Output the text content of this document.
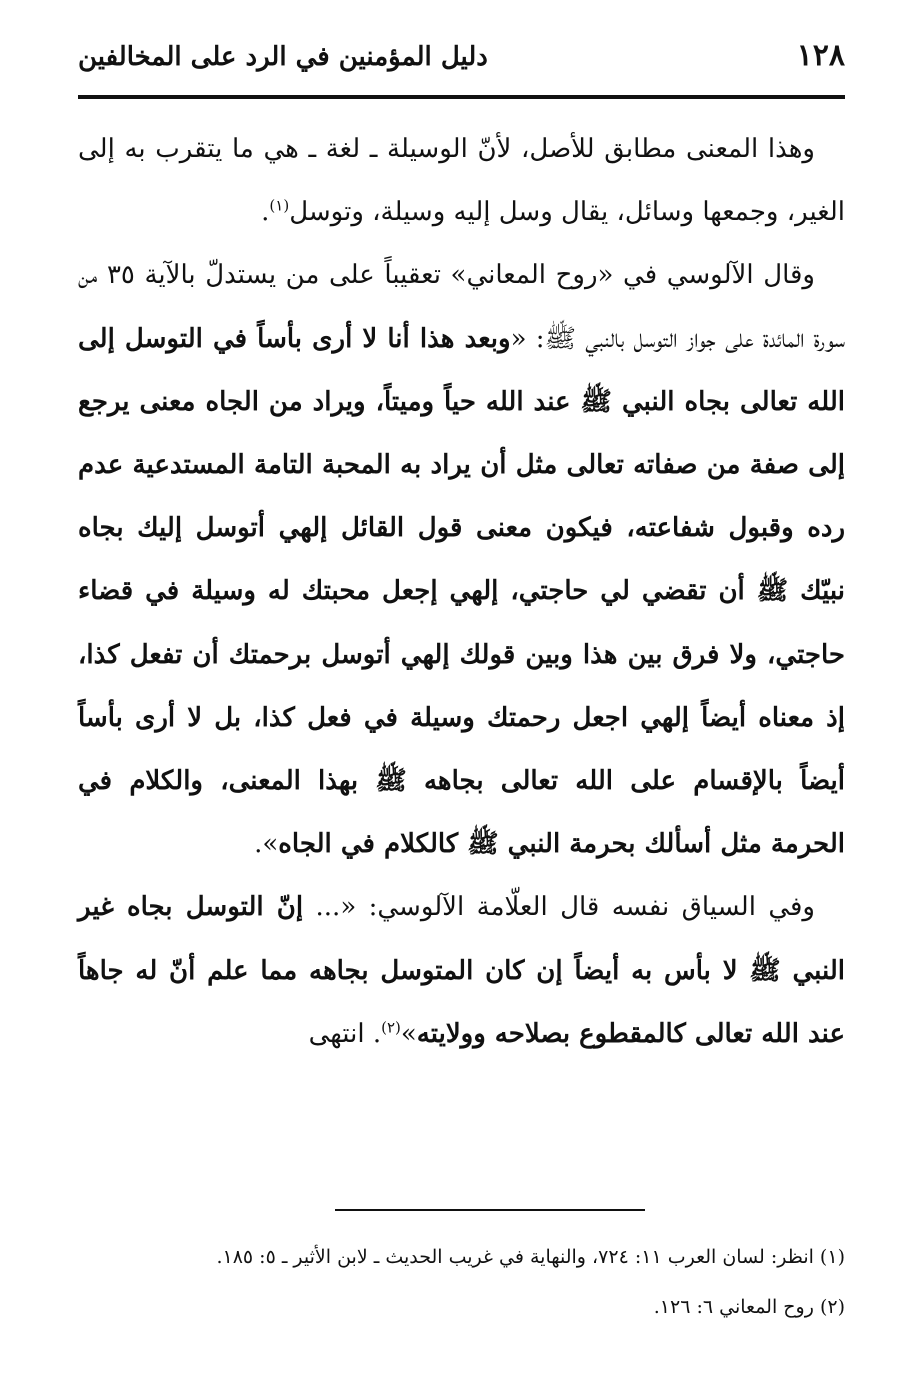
١٢٨
دليل المؤمنين في الرد على المخالفين

وهذا المعنى مطابق للأصل، لأنّ الوسيلة ـ لغة ـ هي ما يتقرب به إلى الغير، وجمعها وسائل، يقال وسل إليه وسيلة، وتوسل$^{(١)}$.

وقال الآلوسي في «روح المعاني» تعقيباً على من يستدلّ بالآية ٣٥ من سورة المائدة على جواز التوسل بالنبي ﷺ: «وبعد هذا أنا لا أرى بأساً في التوسل إلى الله تعالى بجاه النبي ﷺ عند الله حياً وميتاً، ويراد من الجاه معنى يرجع إلى صفة من صفاته تعالى مثل أن يراد به المحبة التامة المستدعية عدم رده وقبول شفاعته، فيكون معنى قول القائل إلهي أتوسل إليك بجاه نبيّك ﷺ أن تقضي لي حاجتي، إلهي إجعل محبتك له وسيلة في قضاء حاجتي، ولا فرق بين هذا وبين قولك إلهي أتوسل برحمتك أن تفعل كذا، إذ معناه أيضاً إلهي اجعل رحمتك وسيلة في فعل كذا، بل لا أرى بأساً أيضاً بالإقسام على الله تعالى بجاهه ﷺ بهذا المعنى، والكلام في الحرمة مثل أسألك بحرمة النبي ﷺ كالكلام في الجاه».

وفي السياق نفسه قال العلّامة الآلوسي: «... إنّ التوسل بجاه غير النبي ﷺ لا بأس به أيضاً إن كان المتوسل بجاهه مما علم أنّ له جاهاً عند الله تعالى كالمقطوع بصلاحه وولايته»$^{(٢)}$. انتهى

(١) انظر: لسان العرب ١١: ٧٢٤، والنهاية في غريب الحديث ـ لابن الأثير ـ ٥: ١٨٥.

(٢) روح المعاني ٦: ١٢٦.
